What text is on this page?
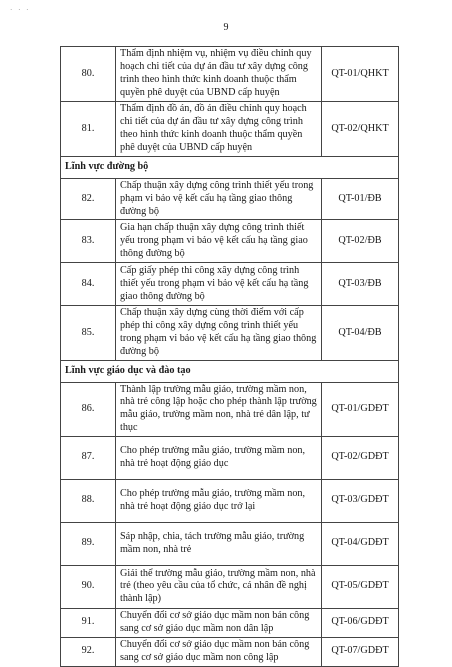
· · ·
9
80.	Thẩm định nhiệm vụ, nhiệm vụ điều chỉnh quy hoạch chi tiết của dự án đầu tư xây dựng công trình theo hình thức kinh doanh thuộc thẩm quyền phê duyệt của UBND cấp huyện	QT-01/QHKT
81.	Thẩm định đồ án, đồ án điều chỉnh quy hoạch chi tiết của dự án đầu tư xây dựng công trình theo hình thức kinh doanh thuộc thẩm quyền phê duyệt của UBND cấp huyện	QT-02/QHKT
Lĩnh vực đường bộ		
82.	Chấp thuận xây dựng công trình thiết yếu trong phạm vi bảo vệ kết cấu hạ tầng giao thông đường bộ	QT-01/ĐB
83.	Gia hạn chấp thuận xây dựng công trình thiết yếu trong phạm vi bảo vệ kết cấu hạ tầng giao thông đường bộ	QT-02/ĐB
84.	Cấp giấy phép thi công xây dựng công trình thiết yếu trong phạm vi bảo vệ kết cấu hạ tầng giao thông đường bộ	QT-03/ĐB
85.	Chấp thuận xây dựng cùng thời điểm với cấp phép thi công xây dựng công trình thiết yếu trong phạm vi bảo vệ kết cấu hạ tầng giao thông đường bộ	QT-04/ĐB
Lĩnh vực giáo dục và đào tạo		
86.	Thành lập trường mẫu giáo, trường mầm non, nhà trẻ công lập hoặc cho phép thành lập trường mẫu giáo, trường mầm non, nhà trẻ dân lập, tư thục	QT-01/GDĐT
87.	Cho phép trường mẫu giáo, trường mầm non, nhà trẻ hoạt động giáo dục	QT-02/GDĐT
88.	Cho phép trường mẫu giáo, trường mầm non, nhà trẻ hoạt động giáo dục trở lại	QT-03/GDĐT
89.	Sáp nhập, chia, tách trường mẫu giáo, trường mầm non, nhà trẻ	QT-04/GDĐT
90.	Giải thể trường mẫu giáo, trường mầm non, nhà trẻ (theo yêu cầu của tổ chức, cá nhân đề nghị thành lập)	QT-05/GDĐT
91.	Chuyển đổi cơ sở giáo dục mầm non bán công sang cơ sở giáo dục mầm non dân lập	QT-06/GDĐT
92.	Chuyển đổi cơ sở giáo dục mầm non bán công sang cơ sở giáo dục mầm non công lập	QT-07/GDĐT
